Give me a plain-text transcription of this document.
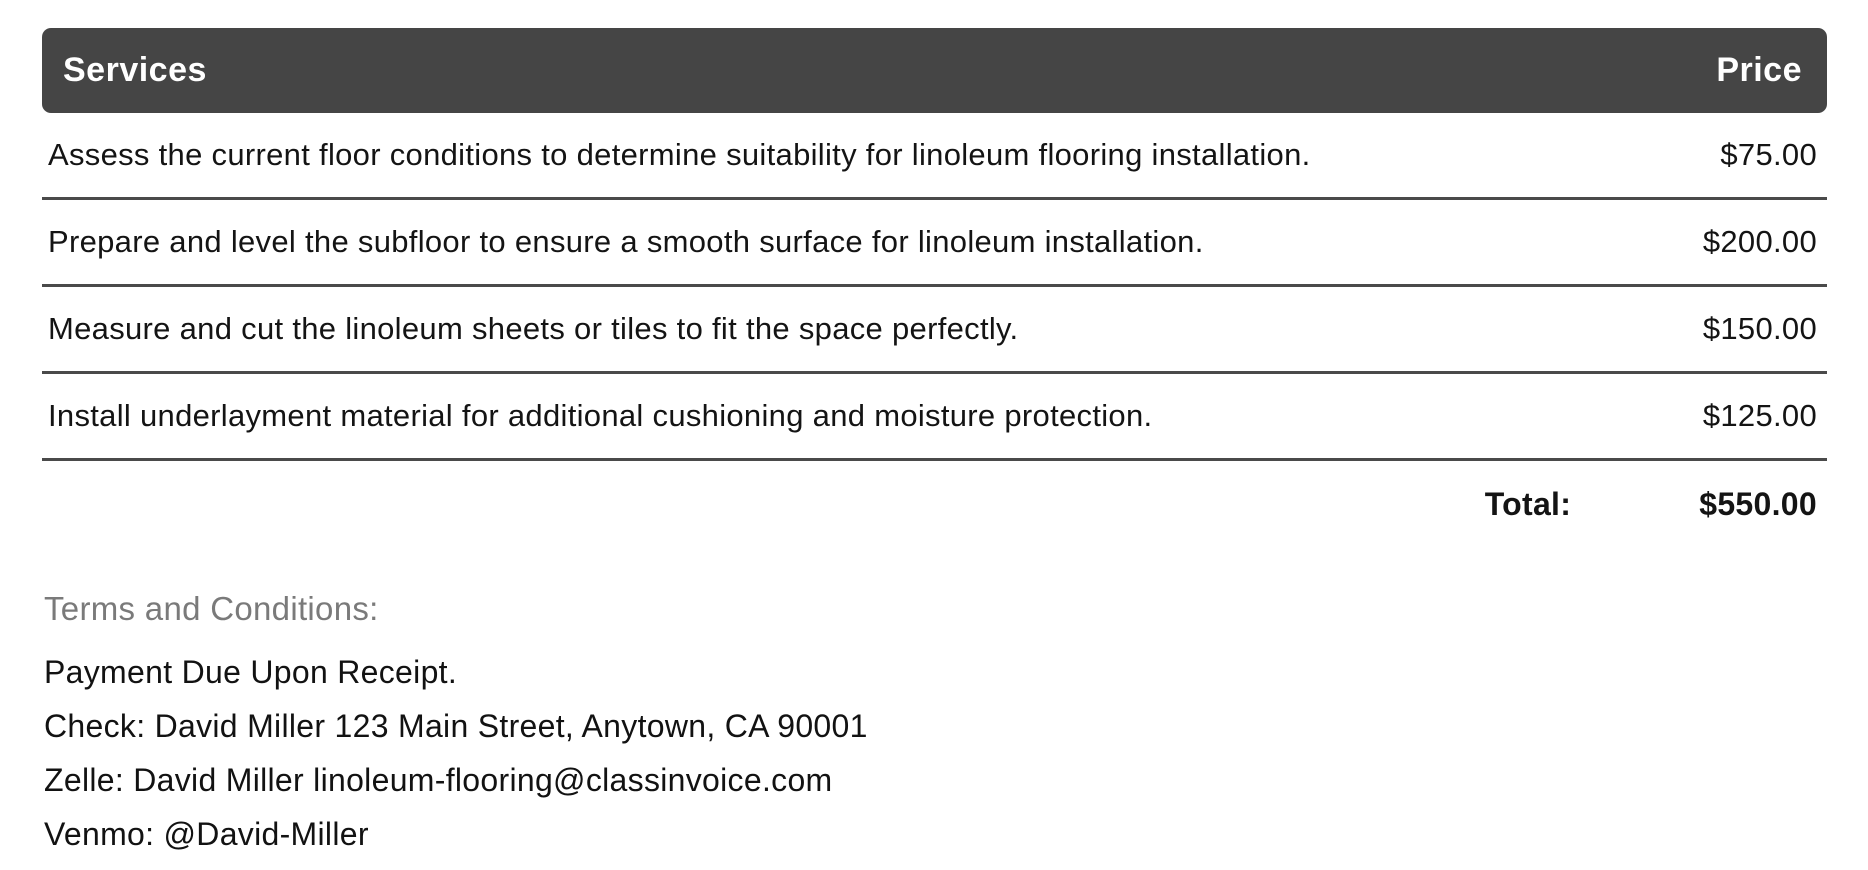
Services	Price
Assess the current floor conditions to determine suitability for linoleum flooring installation.	$75.00
Prepare and level the subfloor to ensure a smooth surface for linoleum installation.	$200.00
Measure and cut the linoleum sheets or tiles to fit the space perfectly.	$150.00
Install underlayment material for additional cushioning and moisture protection.	$125.00
Total:	$550.00
Terms and Conditions:
Payment Due Upon Receipt.
Check: David Miller 123 Main Street, Anytown, CA 90001
Zelle: David Miller linoleum-flooring@classinvoice.com
Venmo: @David-Miller
